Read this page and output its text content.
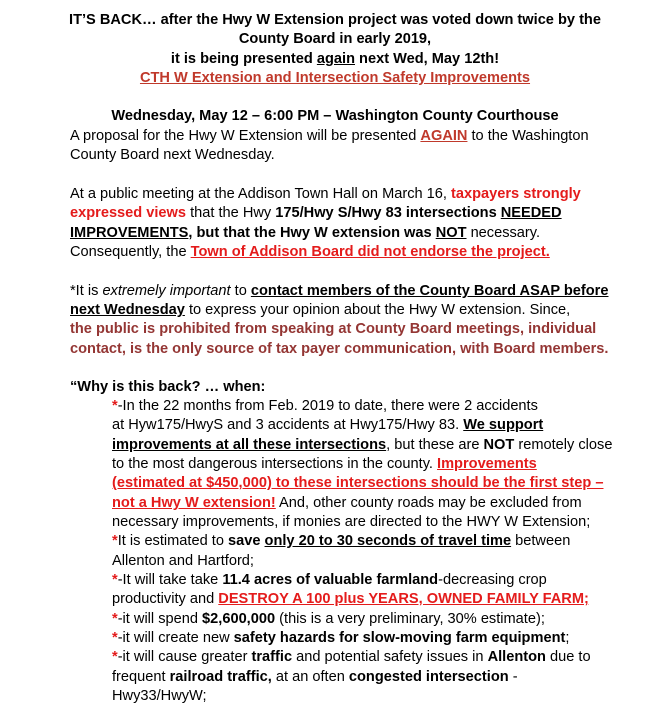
IT’S BACK… after the Hwy W Extension project was voted down twice by the
County Board in early 2019,
it is being presented again next Wed, May 12th!
CTH W Extension and Intersection Safety Improvements
Wednesday, May 12 – 6:00 PM – Washington County Courthouse
A proposal for the Hwy W Extension will be presented AGAIN to the Washington
County Board next Wednesday.
At a public meeting at the Addison Town Hall on March 16, taxpayers strongly
expressed views that the Hwy 175/Hwy S/Hwy 83 intersections NEEDED
IMPROVEMENTS, but that the Hwy W extension was NOT necessary.
Consequently, the Town of Addison Board did not endorse the project.
*It is extremely important to contact members of the County Board ASAP before
next Wednesday to express your opinion about the Hwy W extension. Since,
the public is prohibited from speaking at County Board meetings, individual
contact, is the only source of tax payer communication, with Board members.
“Why is this back? … when:
*-In the 22 months from Feb. 2019 to date, there were 2 accidents
at Hyw175/HwyS and 3 accidents at Hwy175/Hwy 83. We support
improvements at all these intersections, but these are NOT remotely close
to the most dangerous intersections in the county. Improvements
(estimated at $450,000) to these intersections should be the first step –
not a Hwy W extension! And, other county roads may be excluded from
necessary improvements, if monies are directed to the HWY W Extension;
*It is estimated to save only 20 to 30 seconds of travel time between
Allenton and Hartford;
*-It will take take 11.4 acres of valuable farmland-decreasing crop
productivity and DESTROY A 100 plus YEARS, OWNED FAMILY FARM;
*-it will spend $2,600,000 (this is a very preliminary, 30% estimate);
*-it will create new safety hazards for slow-moving farm equipment;
*-it will cause greater traffic and potential safety issues in Allenton due to
frequent railroad traffic, at an often congested intersection -
Hwy33/HwyW;
